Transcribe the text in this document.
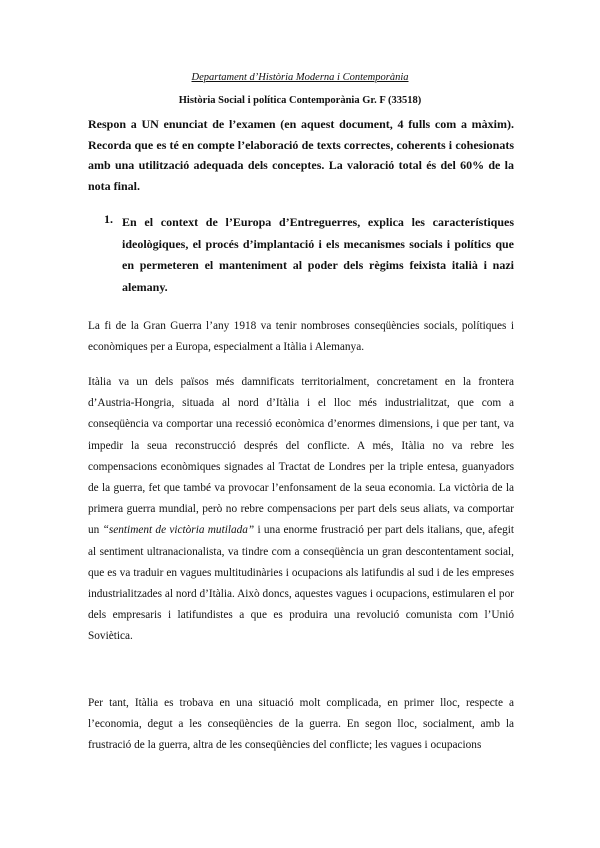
Departament d’Història Moderna i Contemporània
Història Social i política Contemporània Gr. F (33518)
Respon a UN enunciat de l’examen (en aquest document, 4 fulls com a màxim). Recorda que es té en compte l’elaboració de texts correctes, coherents i cohesionats amb una utilització adequada dels conceptes. La valoració total és del 60% de la nota final.
1. En el context de l’Europa d’Entreguerres, explica les característiques ideològiques, el procés d’implantació i els mecanismes socials i polítics que en permeteren el manteniment al poder dels règims feixista italià i nazi alemany.

La fi de la Gran Guerra l’any 1918 va tenir nombroses conseqüències socials, polítiques i econòmiques per a Europa, especialment a Itàlia i Alemanya.

Itàlia va un dels països més damnificats territorialment, concretament en la frontera d’Austria-Hongria, situada al nord d’Itàlia i el lloc més industrialitzat, que com a conseqüència va comportar una recessió econòmica d’enormes dimensions, i que per tant, va impedir la seua reconstrucció després del conflicte. A més, Itàlia no va rebre les compensacions econòmiques signades al Tractat de Londres per la triple entesa, guanyadors de la guerra, fet que també va provocar l’enfonsament de la seua economia. La victòria de la primera guerra mundial, però no rebre compensacions per part dels seus aliats, va comportar un “sentiment de victòria mutilada” i una enorme frustració per part dels italians, que, afegit al sentiment ultranacionalista, va tindre com a conseqüència un gran descontentament social, que es va traduir en vagues multitudinàries i ocupacions als latifundis al sud i de les empreses industrialitzades al nord d’Itàlia. Això doncs, aquestes vagues i ocupacions, estimularen el por dels empresaris i latifundistes a que es produira una revolució comunista com l’Unió Soviètica.

Per tant, Itàlia es trobava en una situació molt complicada, en primer lloc, respecte a l’economia, degut a les conseqüències de la guerra. En segon lloc, socialment, amb la frustració de la guerra, altra de les conseqüències del conflicte; les vagues i ocupacions
